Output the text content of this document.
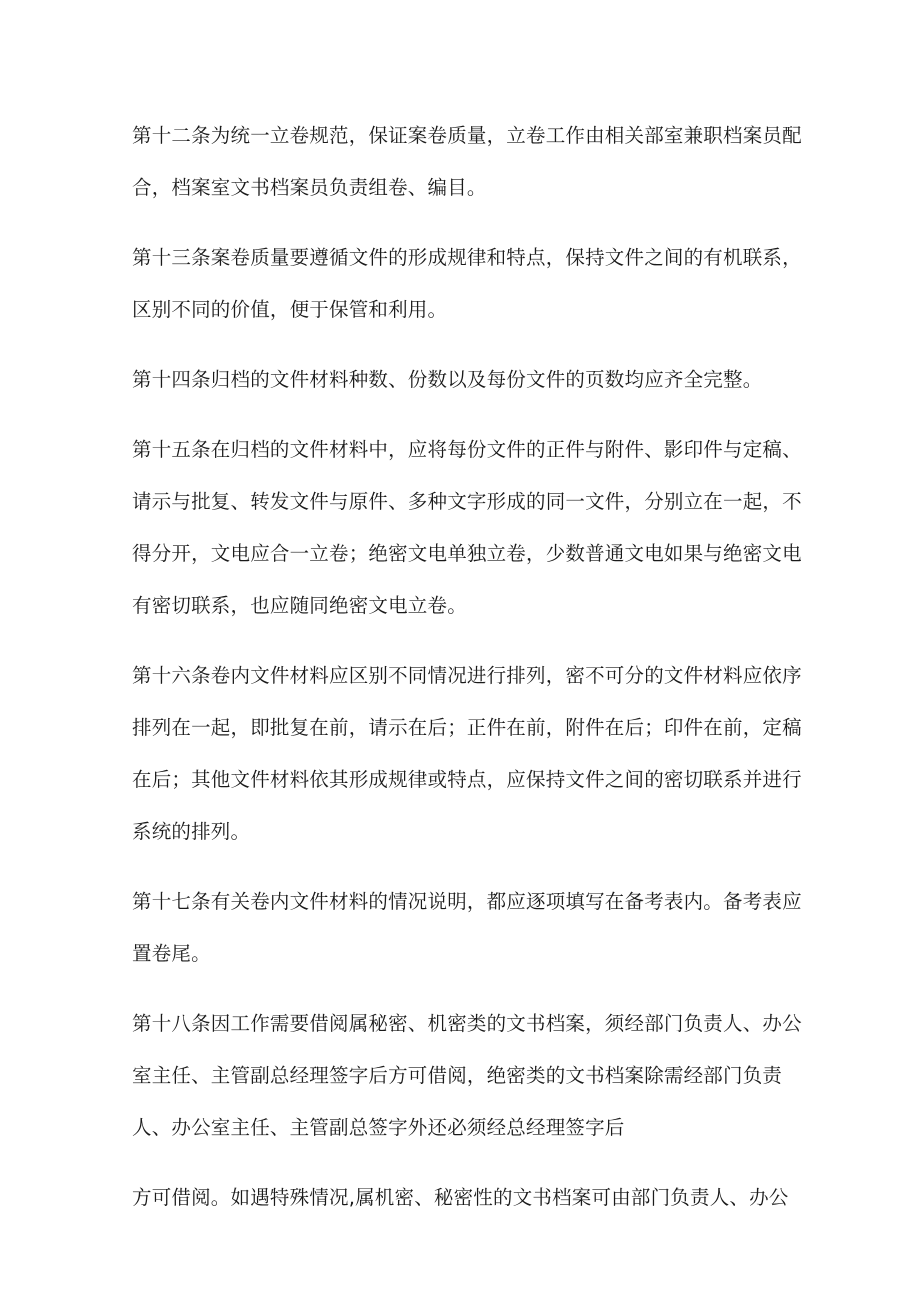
第十二条为统一立卷规范，保证案卷质量，立卷工作由相关部室兼职档案员配合，档案室文书档案员负责组卷、编目。

第十三条案卷质量要遵循文件的形成规律和特点，保持文件之间的有机联系，区别不同的价值，便于保管和利用。

第十四条归档的文件材料种数、份数以及每份文件的页数均应齐全完整。

第十五条在归档的文件材料中，应将每份文件的正件与附件、影印件与定稿、请示与批复、转发文件与原件、多种文字形成的同一文件，分别立在一起，不得分开，文电应合一立卷；绝密文电单独立卷，少数普通文电如果与绝密文电有密切联系，也应随同绝密文电立卷。

第十六条卷内文件材料应区别不同情况进行排列，密不可分的文件材料应依序排列在一起，即批复在前，请示在后；正件在前，附件在后；印件在前，定稿在后；其他文件材料依其形成规律或特点，应保持文件之间的密切联系并进行系统的排列。

第十七条有关卷内文件材料的情况说明，都应逐项填写在备考表内。备考表应置卷尾。

第十八条因工作需要借阅属秘密、机密类的文书档案，须经部门负责人、办公室主任、主管副总经理签字后方可借阅，绝密类的文书档案除需经部门负责人、办公室主任、主管副总签字外还必须经总经理签字后

方可借阅。如遇特殊情况,属机密、秘密性的文书档案可由部门负责人、办公
